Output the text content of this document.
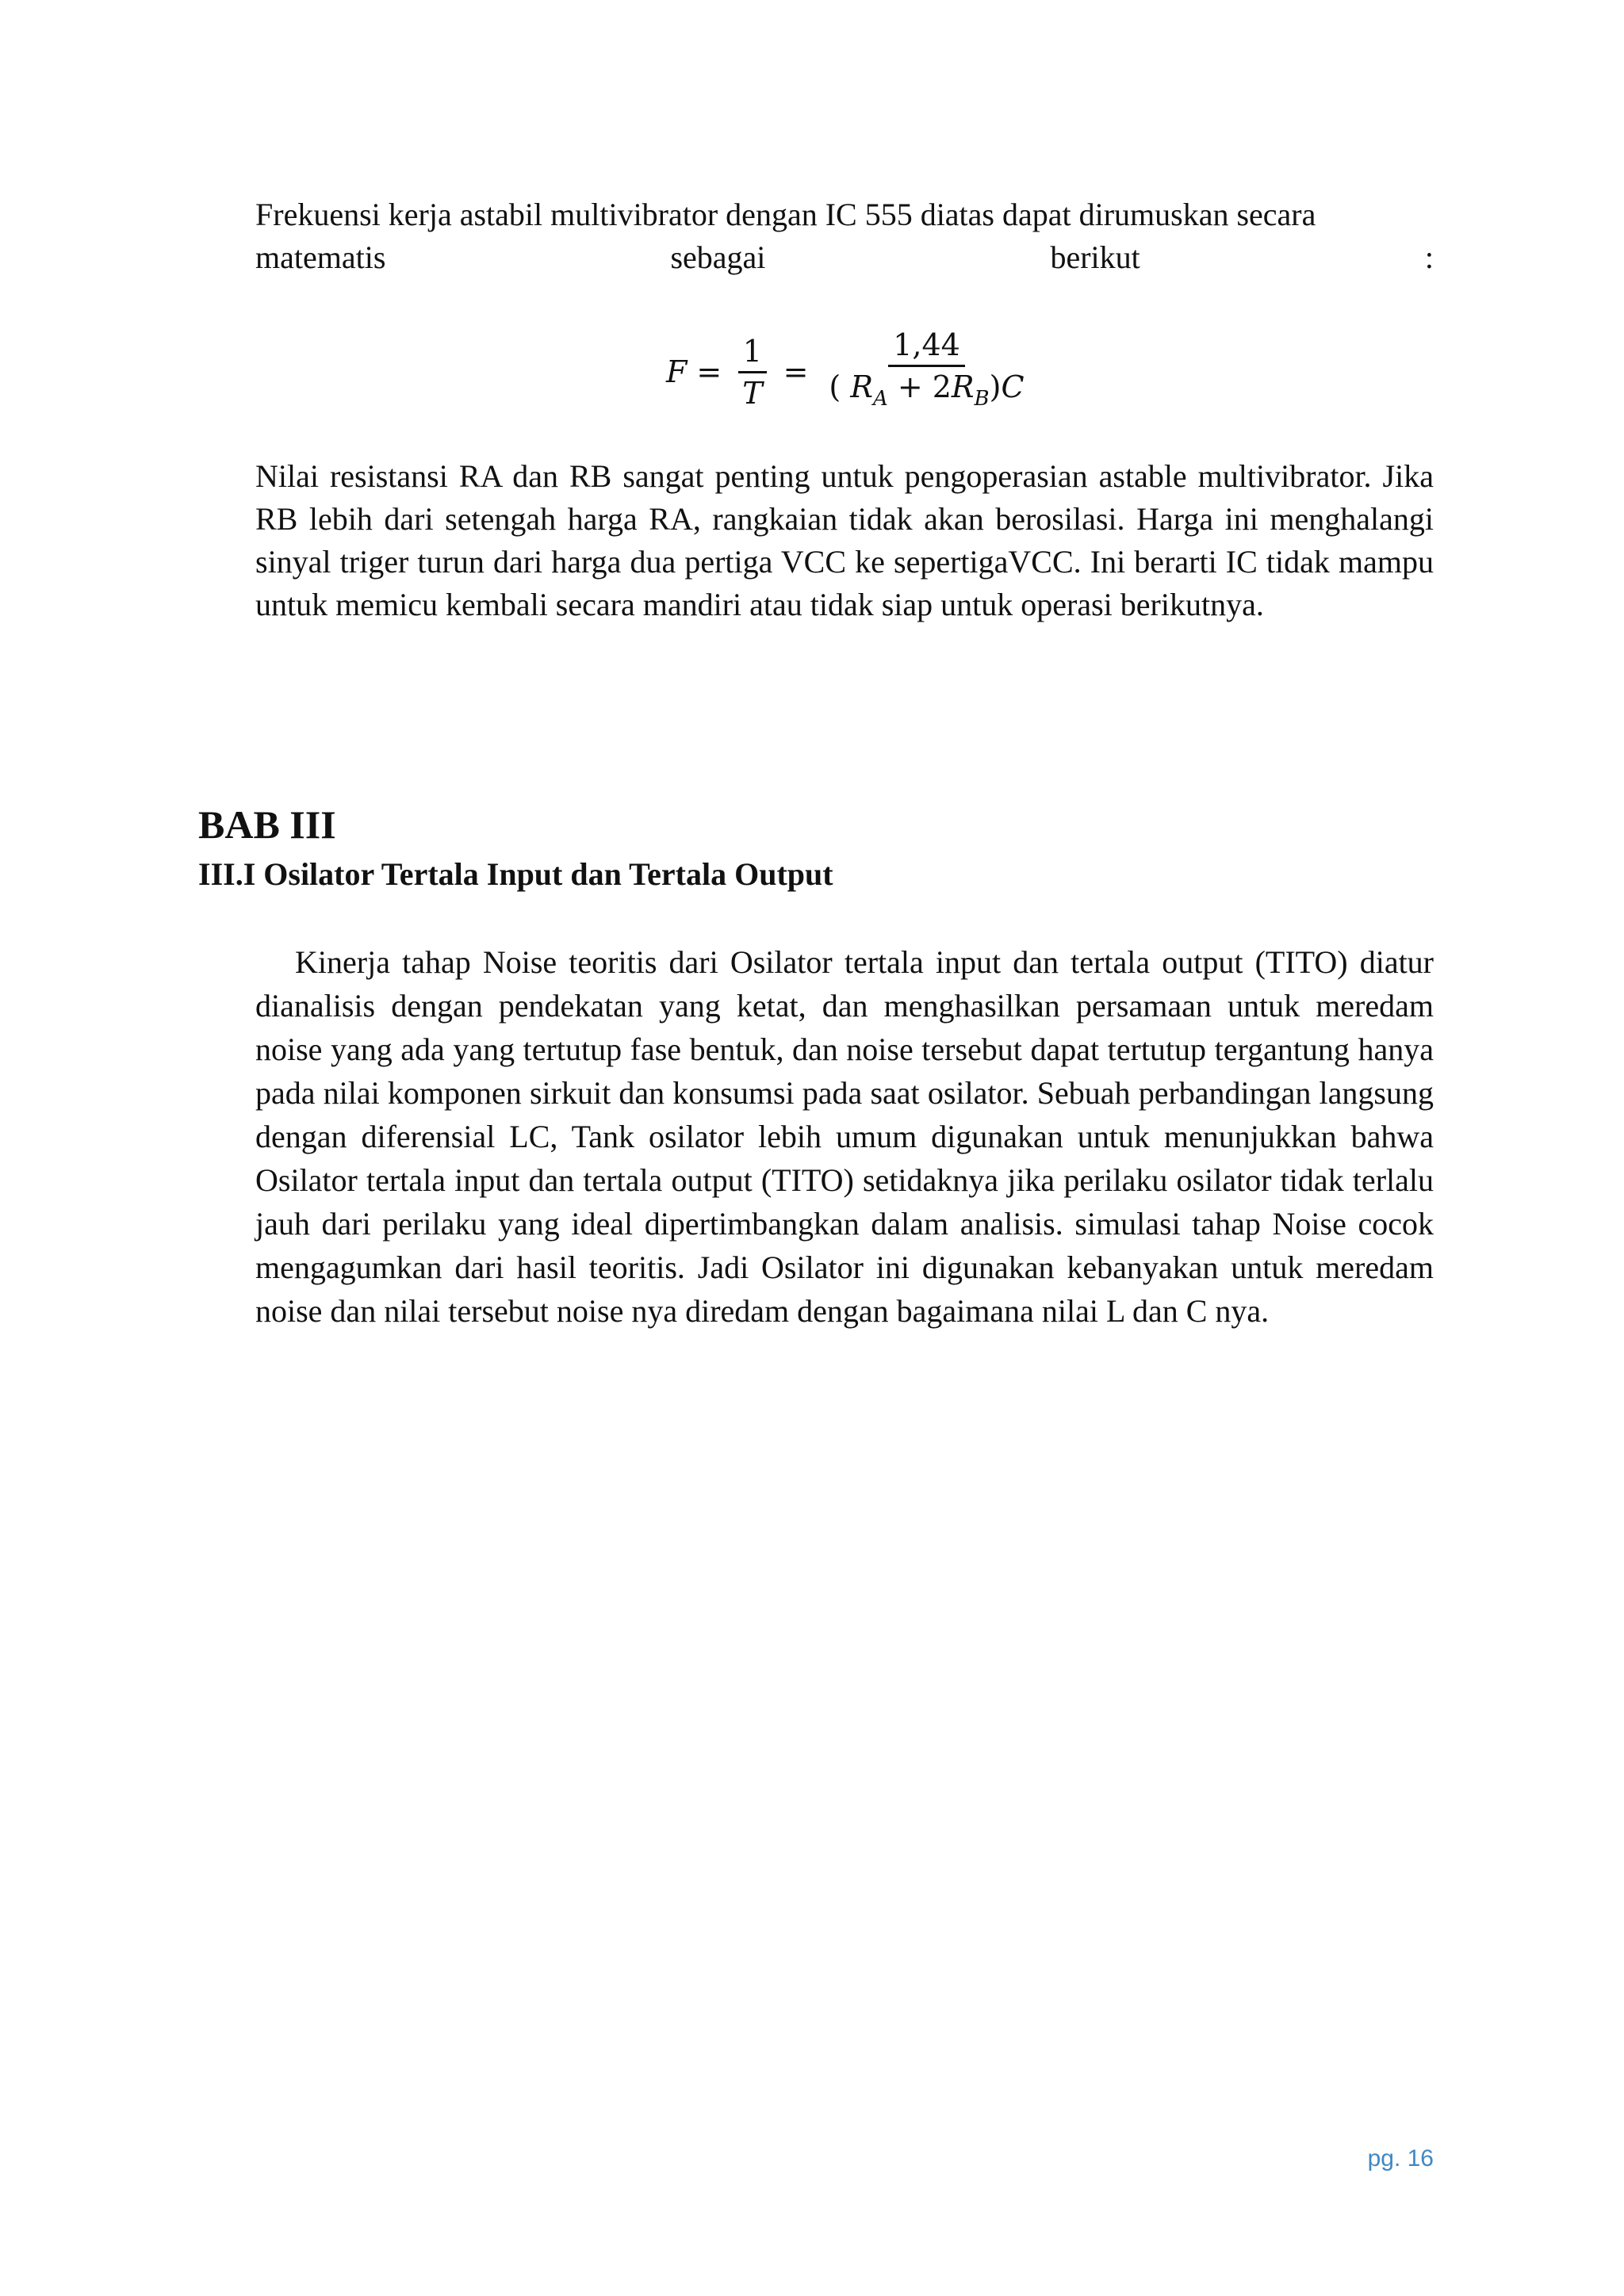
Frekuensi kerja astabil multivibrator dengan IC 555 diatas dapat dirumuskan secara
matematis	sebagai	berikut	:
$F = \frac{1}{T} = \frac{1,44}{( R_A + 2R_B)C}$

Nilai resistansi RA dan RB sangat penting untuk pengoperasian astable multivibrator. Jika RB lebih dari setengah harga RA, rangkaian tidak akan berosilasi. Harga ini menghalangi sinyal triger turun dari harga dua pertiga VCC ke sepertigaVCC. Ini berarti IC tidak mampu untuk memicu kembali secara mandiri atau tidak siap untuk operasi berikutnya.

BAB III
III.I Osilator Tertala Input dan Tertala Output

Kinerja tahap Noise teoritis dari Osilator tertala input dan tertala output (TITO) diatur dianalisis dengan pendekatan yang ketat, dan menghasilkan persamaan untuk meredam noise yang ada yang tertutup fase bentuk, dan noise tersebut dapat tertutup tergantung hanya pada nilai komponen sirkuit dan konsumsi pada saat osilator. Sebuah perbandingan langsung dengan diferensial LC, Tank osilator lebih umum digunakan untuk menunjukkan bahwa Osilator tertala input dan tertala output (TITO) setidaknya jika perilaku osilator tidak terlalu jauh dari perilaku yang ideal dipertimbangkan dalam analisis. simulasi tahap Noise cocok mengagumkan dari hasil teoritis. Jadi Osilator ini digunakan kebanyakan untuk meredam noise dan nilai tersebut noise nya diredam dengan bagaimana nilai L dan C nya.

pg. 16
